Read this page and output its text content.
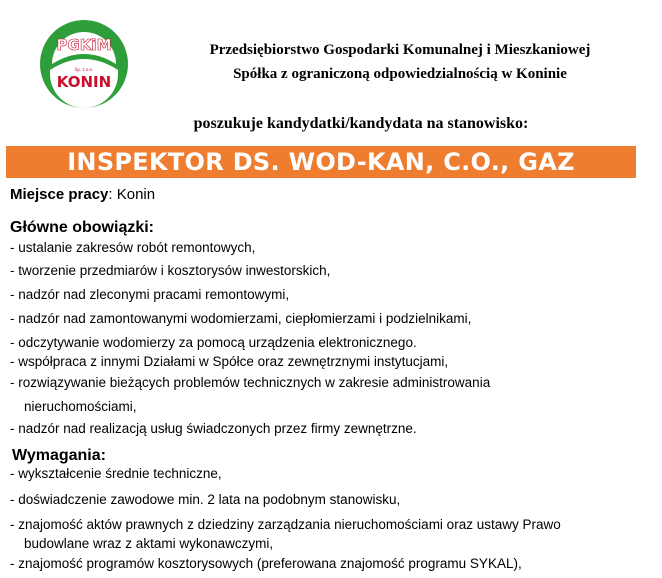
PGKiM
Sp. z o.o.
KONIN
Przedsiębiorstwo Gospodarki Komunalnej i Mieszkaniowej
Spółka z ograniczoną odpowiedzialnością w Koninie
poszukuje kandydatki/kandydata na stanowisko:
INSPEKTOR DS. WOD-KAN, C.O., GAZ
Miejsce pracy: Konin
Główne obowiązki:
- ustalanie zakresów robót remontowych,
- tworzenie przedmiarów i kosztorysów inwestorskich,
- nadzór nad zleconymi pracami remontowymi,
- nadzór nad zamontowanymi wodomierzami, ciepłomierzami i podzielnikami,
- odczytywanie wodomierzy za pomocą urządzenia elektronicznego.
- współpraca z innymi Działami w Spółce oraz zewnętrznymi instytucjami,
- rozwiązywanie bieżących problemów technicznych w zakresie administrowania
nieruchomościami,
- nadzór nad realizacją usług świadczonych przez firmy zewnętrzne.
Wymagania:
- wykształcenie średnie techniczne,
- doświadczenie zawodowe min. 2 lata na podobnym stanowisku,
- znajomość aktów prawnych z dziedziny zarządzania nieruchomościami oraz ustawy Prawo
budowlane wraz z aktami wykonawczymi,
- znajomość programów kosztorysowych (preferowana znajomość programu SYKAL),
